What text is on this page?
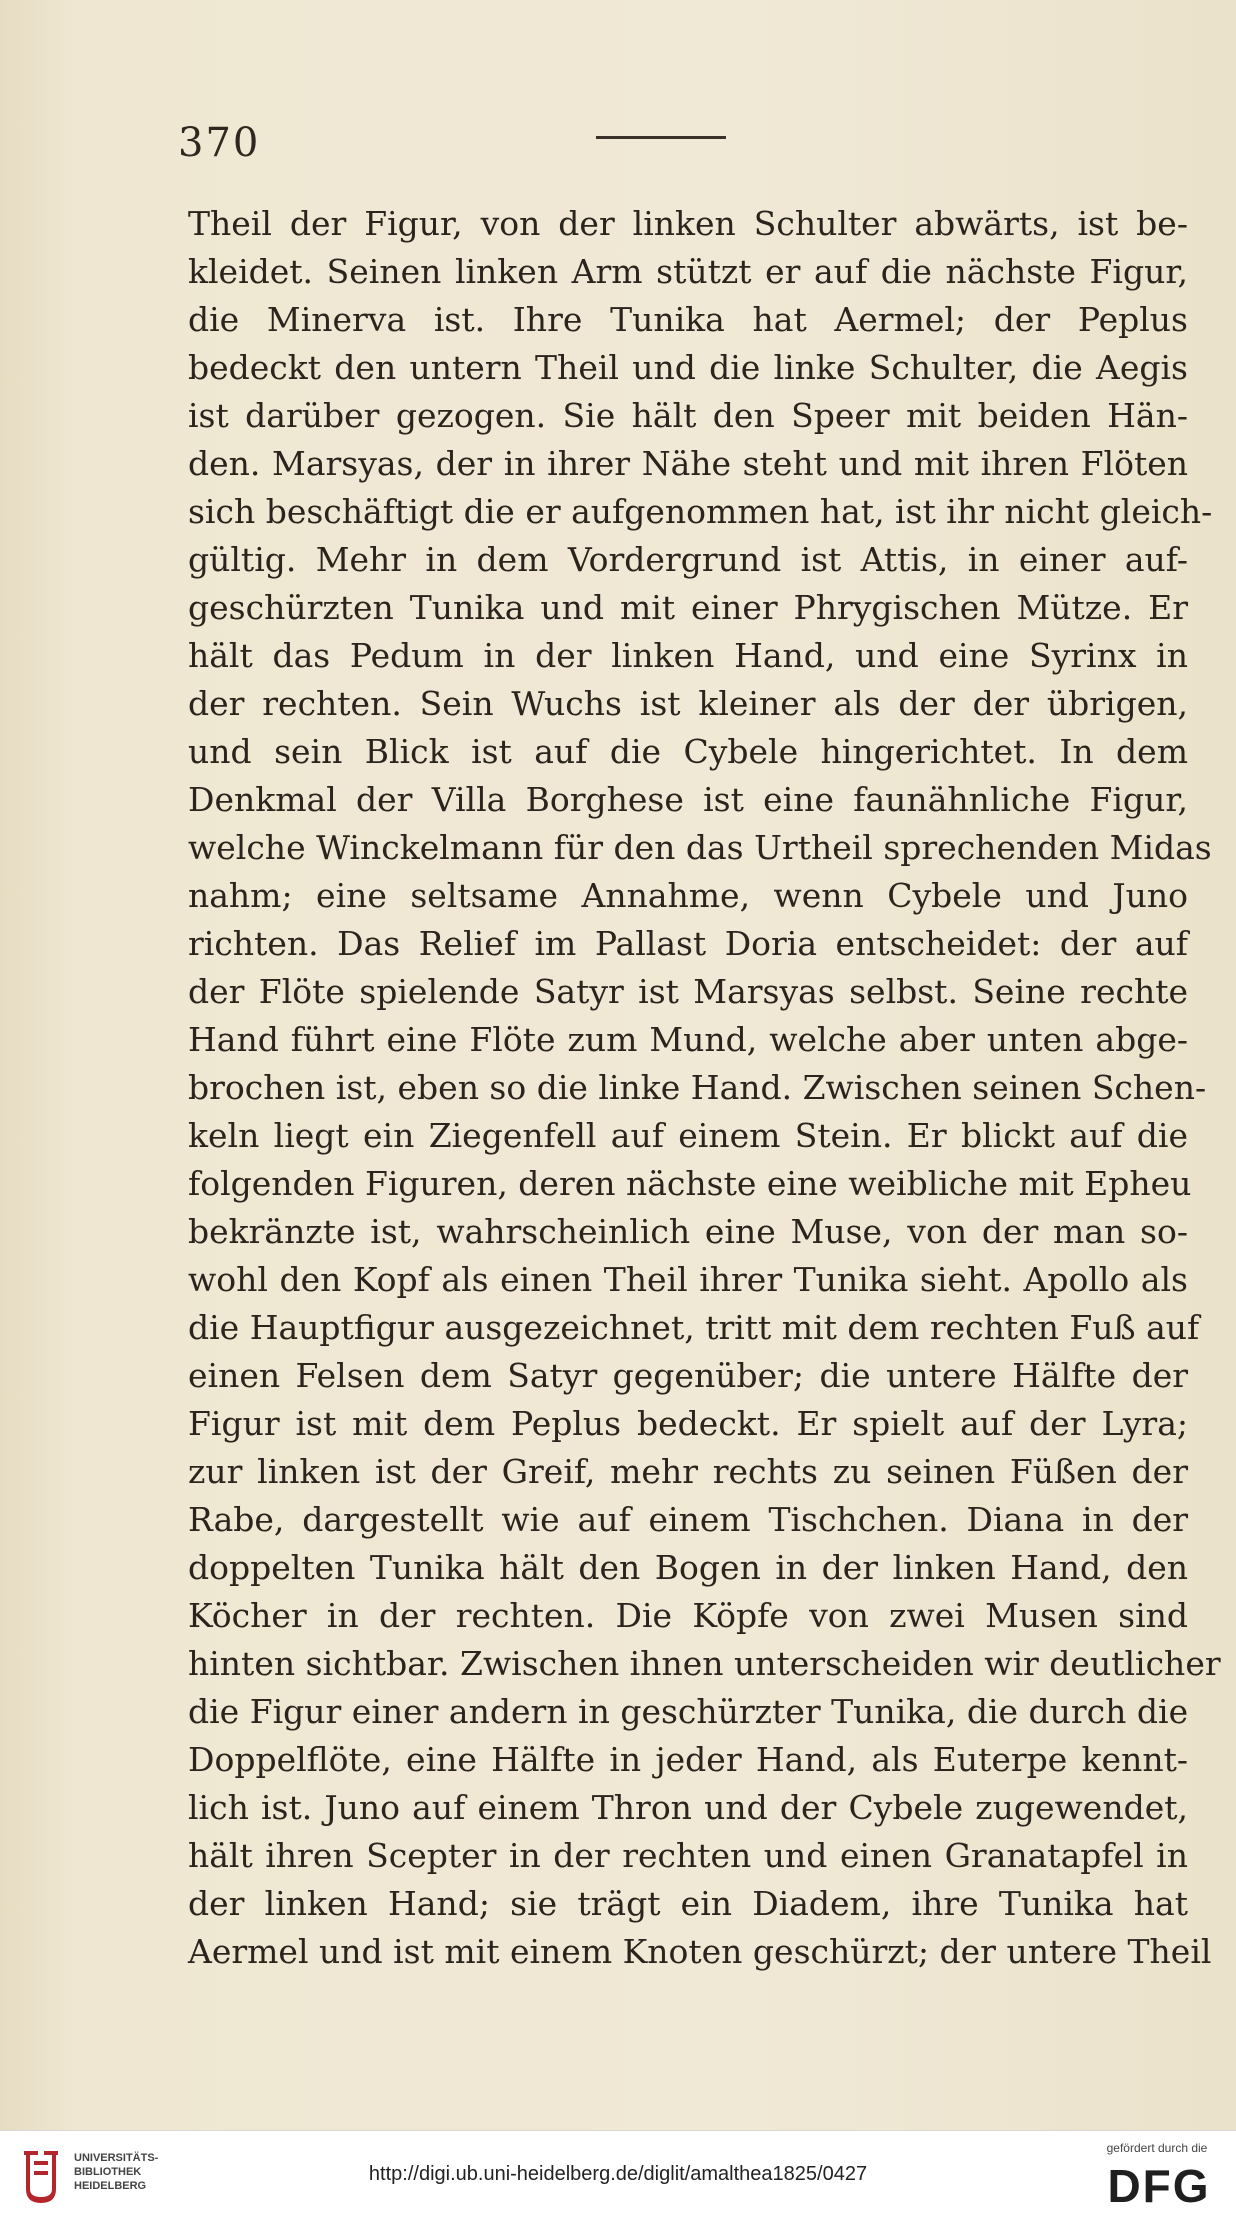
370
Theil der Figur, von der linken Schulter abwärts, ist be-
kleidet. Seinen linken Arm stützt er auf die nächste Figur,
die Minerva ist. Ihre Tunika hat Aermel; der Peplus
bedeckt den untern Theil und die linke Schulter, die Aegis
ist darüber gezogen. Sie hält den Speer mit beiden Hän-
den. Marsyas, der in ihrer Nähe steht und mit ihren Flöten
sich beschäftigt die er aufgenommen hat, ist ihr nicht gleich-
gültig. Mehr in dem Vordergrund ist Attis, in einer auf-
geschürzten Tunika und mit einer Phrygischen Mütze. Er
hält das Pedum in der linken Hand, und eine Syrinx in
der rechten. Sein Wuchs ist kleiner als der der übrigen,
und sein Blick ist auf die Cybele hingerichtet. In dem
Denkmal der Villa Borghese ist eine faunähnliche Figur,
welche Winckelmann für den das Urtheil sprechenden Midas
nahm; eine seltsame Annahme, wenn Cybele und Juno
richten. Das Relief im Pallast Doria entscheidet: der auf
der Flöte spielende Satyr ist Marsyas selbst. Seine rechte
Hand führt eine Flöte zum Mund, welche aber unten abge-
brochen ist, eben so die linke Hand. Zwischen seinen Schen-
keln liegt ein Ziegenfell auf einem Stein. Er blickt auf die
folgenden Figuren, deren nächste eine weibliche mit Epheu
bekränzte ist, wahrscheinlich eine Muse, von der man so-
wohl den Kopf als einen Theil ihrer Tunika sieht. Apollo als
die Hauptfigur ausgezeichnet, tritt mit dem rechten Fuß auf
einen Felsen dem Satyr gegenüber; die untere Hälfte der
Figur ist mit dem Peplus bedeckt. Er spielt auf der Lyra;
zur linken ist der Greif, mehr rechts zu seinen Füßen der
Rabe, dargestellt wie auf einem Tischchen. Diana in der
doppelten Tunika hält den Bogen in der linken Hand, den
Köcher in der rechten. Die Köpfe von zwei Musen sind
hinten sichtbar. Zwischen ihnen unterscheiden wir deutlicher
die Figur einer andern in geschürzter Tunika, die durch die
Doppelflöte, eine Hälfte in jeder Hand, als Euterpe kennt-
lich ist. Juno auf einem Thron und der Cybele zugewendet,
hält ihren Scepter in der rechten und einen Granatapfel in
der linken Hand; sie trägt ein Diadem, ihre Tunika hat
Aermel und ist mit einem Knoten geschürzt; der untere Theil
UNIVERSITÄTS-
BIBLIOTHEK
HEIDELBERG
http://digi.ub.uni-heidelberg.de/diglit/amalthea1825/0427
gefördert durch die
DFG
